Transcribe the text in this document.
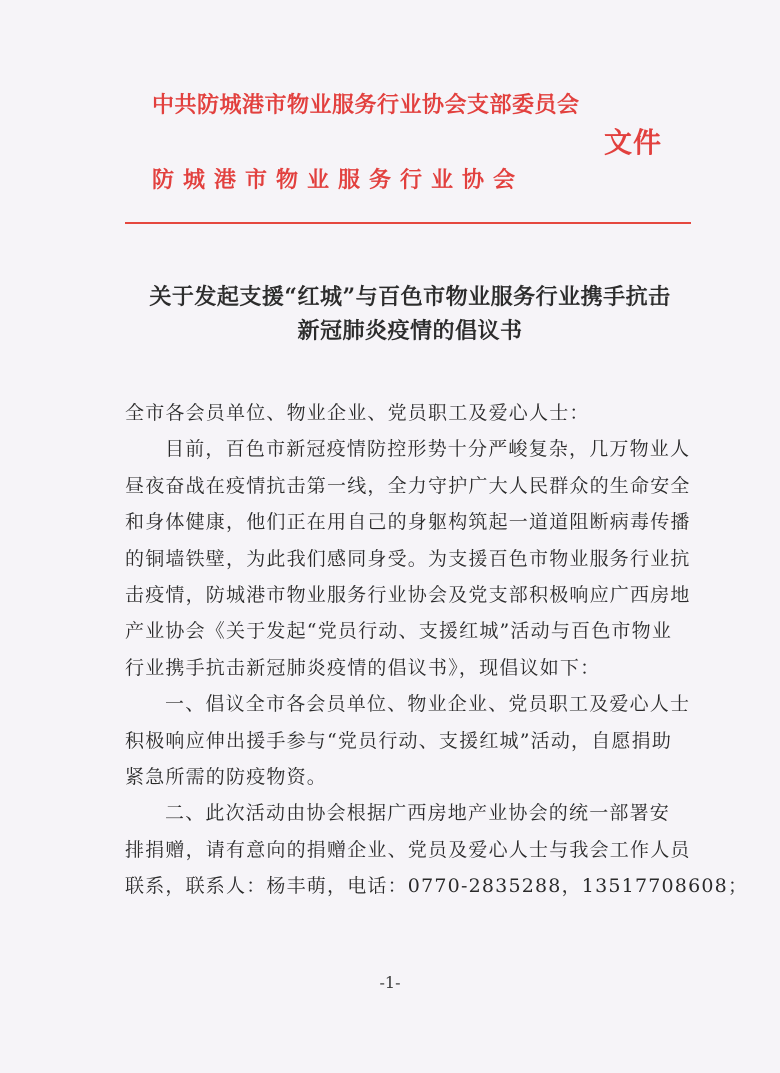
中共防城港市物业服务行业协会支部委员会
文件
防城港市物业服务行业协会
关于发起支援“红城”与百色市物业服务行业携手抗击
新冠肺炎疫情的倡议书
全市各会员单位、物业企业、党员职工及爱心人士：
目前，百色市新冠疫情防控形势十分严峻复杂，几万物业人
昼夜奋战在疫情抗击第一线，全力守护广大人民群众的生命安全
和身体健康，他们正在用自己的身躯构筑起一道道阻断病毒传播
的铜墙铁壁，为此我们感同身受。为支援百色市物业服务行业抗
击疫情，防城港市物业服务行业协会及党支部积极响应广西房地
产业协会《关于发起“党员行动、支援红城”活动与百色市物业
行业携手抗击新冠肺炎疫情的倡议书》，现倡议如下：
一、倡议全市各会员单位、物业企业、党员职工及爱心人士
积极响应伸出援手参与“党员行动、支援红城”活动，自愿捐助
紧急所需的防疫物资。
二、此次活动由协会根据广西房地产业协会的统一部署安
排捐赠，请有意向的捐赠企业、党员及爱心人士与我会工作人员
联系，联系人：杨丰萌，电话：0770-2835288，13517708608；
-1-
